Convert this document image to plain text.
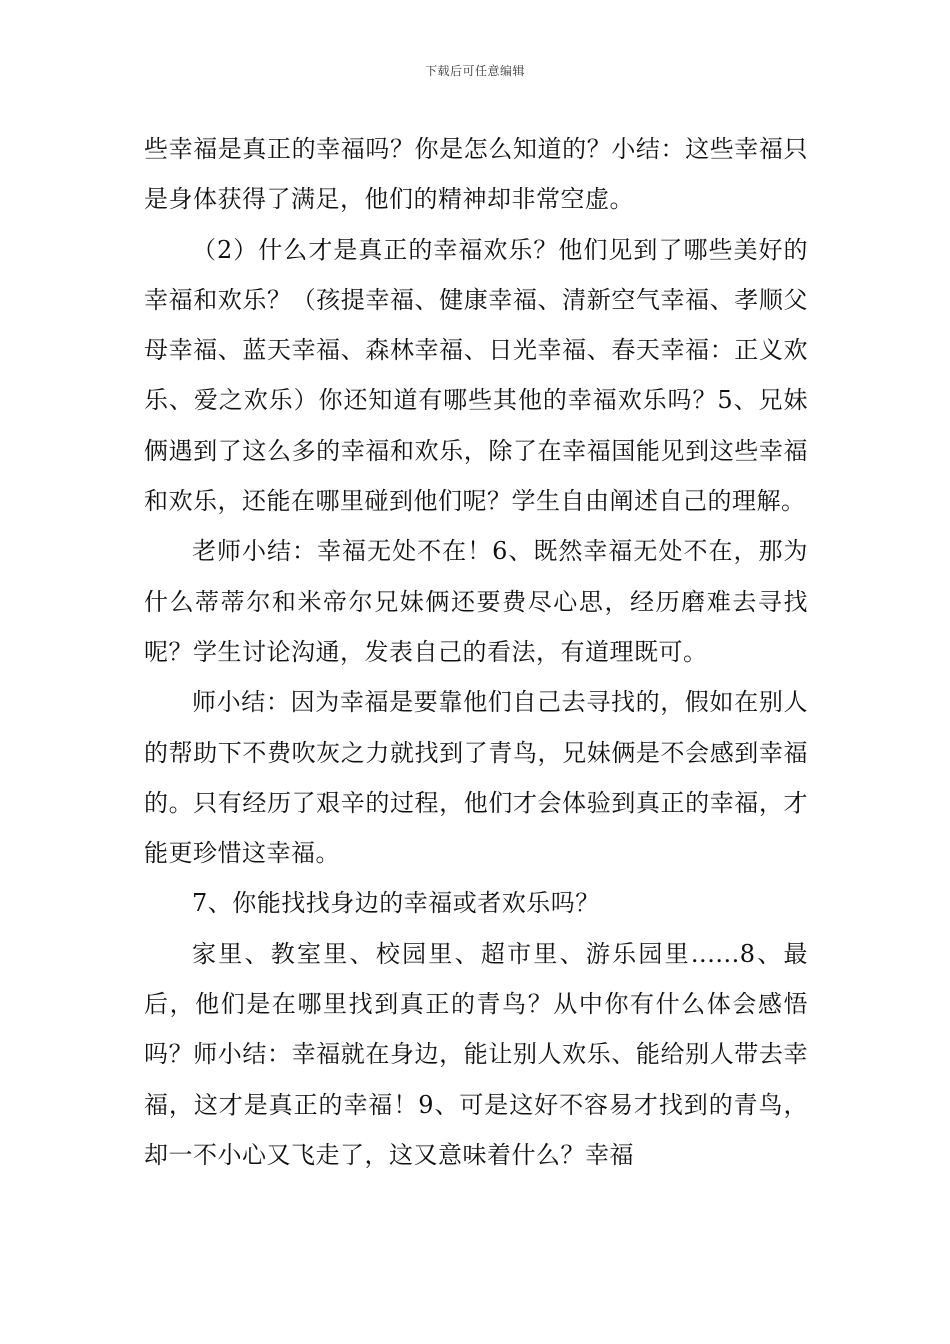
下载后可任意编辑

些幸福是真正的幸福吗？你是怎么知道的？小结：这些幸福只是身体获得了满足，他们的精神却非常空虚。

（2）什么才是真正的幸福欢乐？他们见到了哪些美好的幸福和欢乐？（孩提幸福、健康幸福、清新空气幸福、孝顺父母幸福、蓝天幸福、森林幸福、日光幸福、春天幸福：正义欢乐、爱之欢乐）你还知道有哪些其他的幸福欢乐吗？5、兄妹俩遇到了这么多的幸福和欢乐，除了在幸福国能见到这些幸福和欢乐，还能在哪里碰到他们呢？学生自由阐述自己的理解。

老师小结：幸福无处不在！6、既然幸福无处不在，那为什么蒂蒂尔和米帝尔兄妹俩还要费尽心思，经历磨难去寻找呢？学生讨论沟通，发表自己的看法，有道理既可。

师小结：因为幸福是要靠他们自己去寻找的，假如在别人的帮助下不费吹灰之力就找到了青鸟，兄妹俩是不会感到幸福的。只有经历了艰辛的过程，他们才会体验到真正的幸福，才能更珍惜这幸福。

7、你能找找身边的幸福或者欢乐吗？

家里、教室里、校园里、超市里、游乐园里......8、最后，他们是在哪里找到真正的青鸟？从中你有什么体会感悟吗？师小结：幸福就在身边，能让别人欢乐、能给别人带去幸福，这才是真正的幸福！9、可是这好不容易才找到的青鸟，却一不小心又飞走了，这又意味着什么？幸福
